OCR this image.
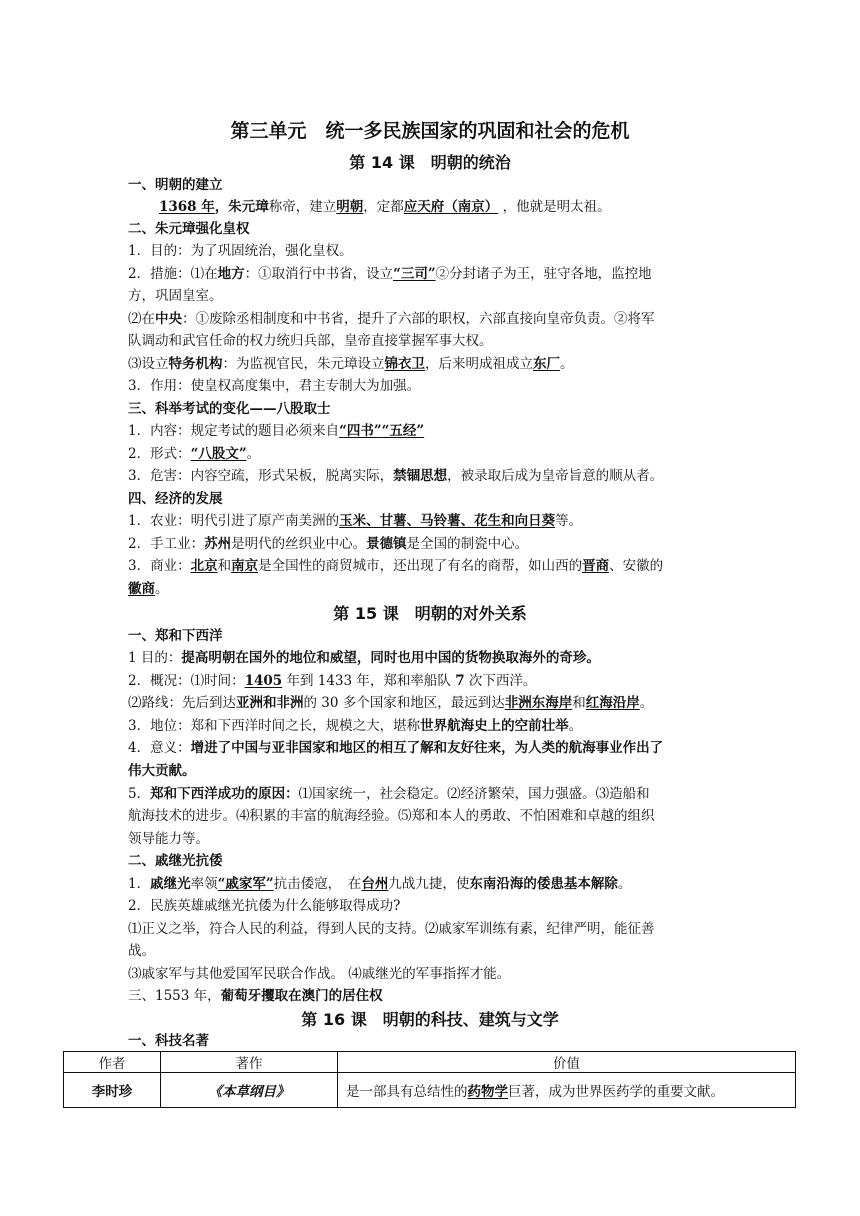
第三单元　统一多民族国家的巩固和社会的危机
第 14 课　明朝的统治
一、明朝的建立
1368 年，朱元璋称帝，建立明朝，定都应天府（南京） ，他就是明太祖。
二、朱元璋强化皇权
1．目的：为了巩固统治，强化皇权。
2．措施：⑴在地方：①取消行中书省，设立“三司”②分封诸子为王，驻守各地，监控地
方，巩固皇室。
⑵在中央：①废除丞相制度和中书省，提升了六部的职权，六部直接向皇帝负责。②将军
队调动和武官任命的权力统归兵部，皇帝直接掌握军事大权。
⑶设立特务机构：为监视官民，朱元璋设立锦衣卫，后来明成祖成立东厂。
3．作用：使皇权高度集中，君主专制大为加强。
三、科举考试的变化——八股取士
1．内容：规定考试的题目必须来自“四书”“五经”
2．形式：“八股文”。
3．危害：内容空疏，形式呆板，脱离实际，禁锢思想，被录取后成为皇帝旨意的顺从者。
四、经济的发展
1．农业：明代引进了原产南美洲的玉米、甘薯、马铃薯、花生和向日葵等。
2．手工业：苏州是明代的丝织业中心。景德镇是全国的制瓷中心。
3．商业：北京和南京是全国性的商贸城市，还出现了有名的商帮，如山西的晋商、安徽的
徽商。
第 15 课　明朝的对外关系
一、郑和下西洋
1 目的：提高明朝在国外的地位和威望，同时也用中国的货物换取海外的奇珍。
2．概况：⑴时间：1405 年到 1433 年，郑和率船队 7 次下西洋。
⑵路线：先后到达亚洲和非洲的 30 多个国家和地区，最远到达非洲东海岸和红海沿岸。
3．地位：郑和下西洋时间之长，规模之大，堪称世界航海史上的空前壮举。
4．意义：增进了中国与亚非国家和地区的相互了解和友好往来，为人类的航海事业作出了
伟大贡献。
5．郑和下西洋成功的原因：⑴国家统一，社会稳定。⑵经济繁荣，国力强盛。⑶造船和
航海技术的进步。⑷积累的丰富的航海经验。⑸郑和本人的勇敢、不怕困难和卓越的组织
领导能力等。
二、戚继光抗倭
1．戚继光率领“戚家军”抗击倭寇，　在台州九战九捷，使东南沿海的倭患基本解除。
2．民族英雄戚继光抗倭为什么能够取得成功?
⑴正义之举，符合人民的利益，得到人民的支持。⑵戚家军训练有素，纪律严明，能征善
战。
⑶戚家军与其他爱国军民联合作战。 ⑷戚继光的军事指挥才能。
三、1553 年，葡萄牙攫取在澳门的居住权
第 16 课　明朝的科技、建筑与文学
一、科技名著
作者	著作	价值
李时珍	《本草纲目》	是一部具有总结性的药物学巨著，成为世界医药学的重要文献。
